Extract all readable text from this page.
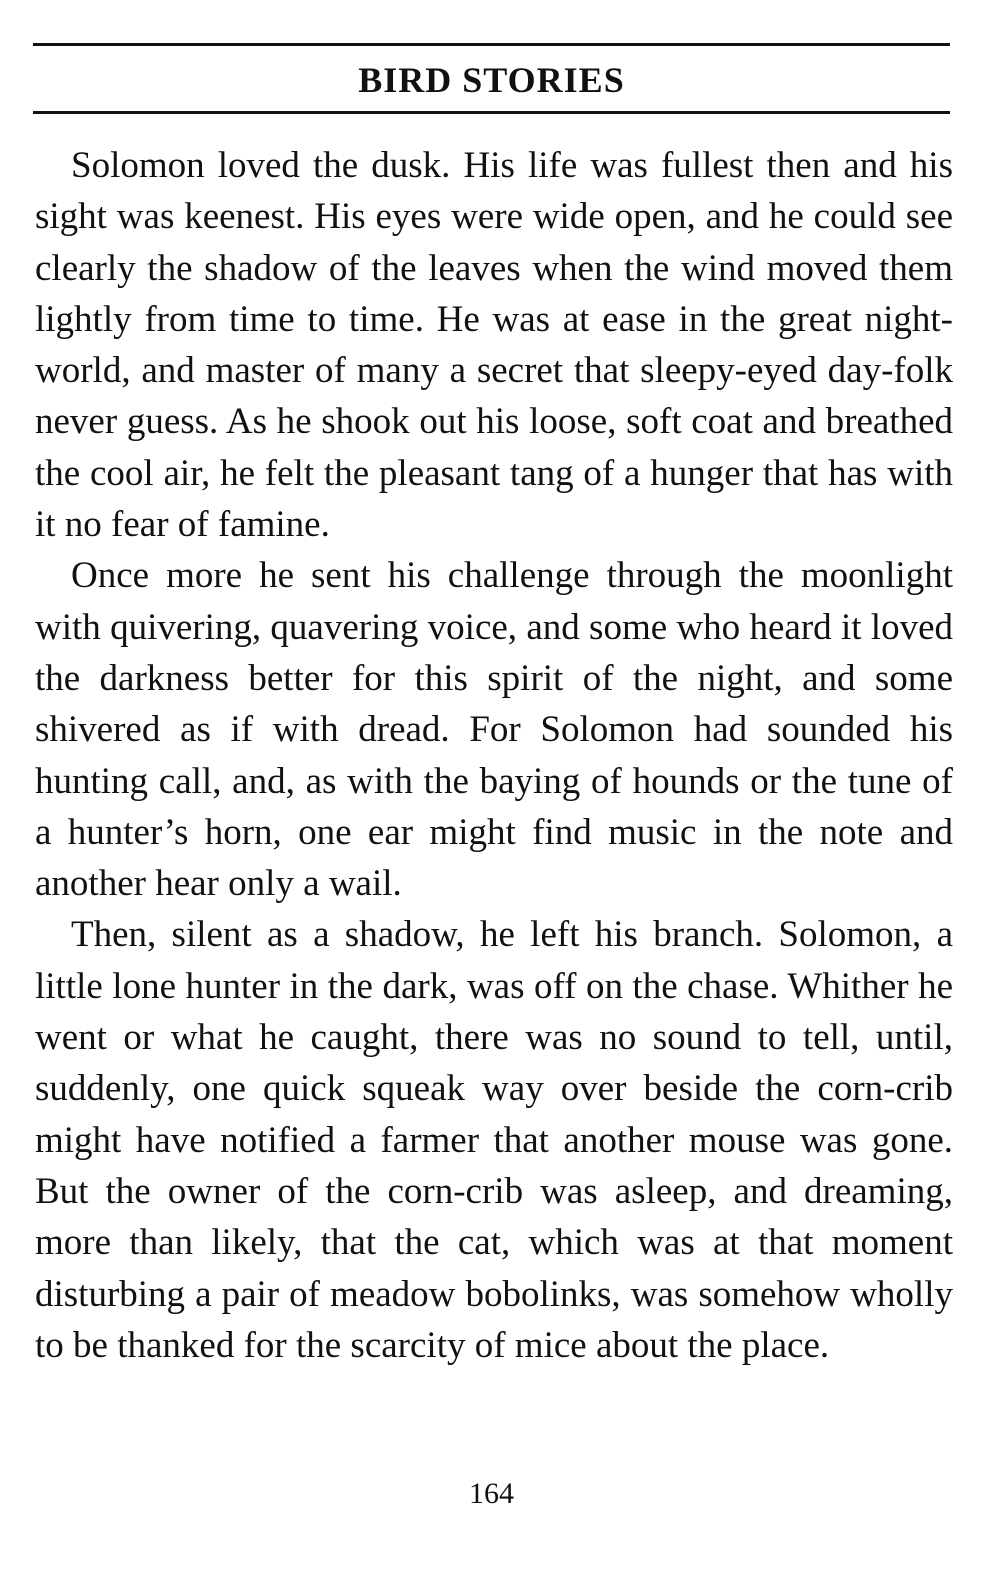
BIRD STORIES

Solomon loved the dusk. His life was fullest then and his sight was keenest. His eyes were wide open, and he could see clearly the shadow of the leaves when the wind moved them lightly from time to time. He was at ease in the great night-world, and master of many a secret that sleepy-eyed day-folk never guess. As he shook out his loose, soft coat and breathed the cool air, he felt the pleasant tang of a hunger that has with it no fear of famine.

Once more he sent his challenge through the moonlight with quivering, quavering voice, and some who heard it loved the darkness better for this spirit of the night, and some shivered as if with dread. For Solomon had sounded his hunting call, and, as with the baying of hounds or the tune of a hunter’s horn, one ear might find music in the note and another hear only a wail.

Then, silent as a shadow, he left his branch. Solomon, a little lone hunter in the dark, was off on the chase. Whither he went or what he caught, there was no sound to tell, until, suddenly, one quick squeak way over beside the corn-crib might have notified a farmer that another mouse was gone. But the owner of the corn-crib was asleep, and dreaming, more than likely, that the cat, which was at that moment disturbing a pair of meadow bobolinks, was somehow wholly to be thanked for the scarcity of mice about the place.

164
